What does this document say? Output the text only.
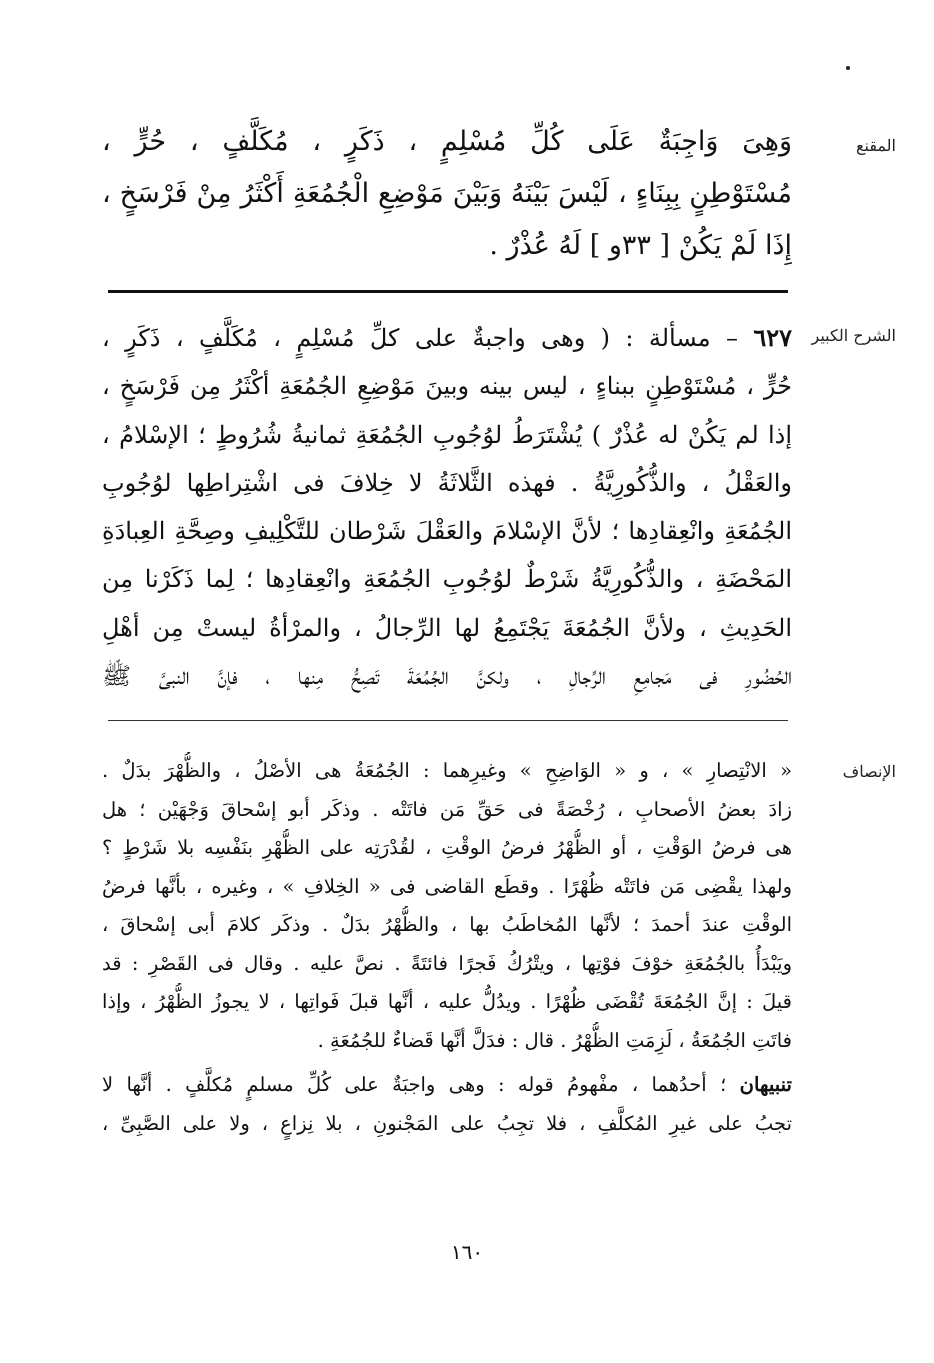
المقنع
وَهِىَ وَاجِبَةٌ عَلَى كُلِّ مُسْلِمٍ ، ذَكَرٍ ، مُكَلَّفٍ ، حُرٍّ ،
مُسْتَوْطِنٍ بِبِنَاءٍ ، لَيْسَ بَيْنَهُ وَبَيْنَ مَوْضِعِ الْجُمُعَةِ أَكْثَرُ مِنْ فَرْسَخٍ ،
إِذَا لَمْ يَكُنْ [ ٣٣و ] لَهُ عُذْرٌ .
الشرح الكبير
٦٢٧ – مسألة : ( وهى واجبةٌ على كلِّ مُسْلِمٍ ، مُكَلَّفٍ ، ذَكَرٍ ،
حُرٍّ ، مُسْتَوْطِنٍ ببناءٍ ، ليس بينه وبينَ مَوْضِعِ الجُمُعَةِ أكْثَرُ مِن فَرْسَخٍ ،
إذا لم يَكُنْ له عُذْرٌ ) يُشْتَرَطُ لوُجُوبِ الجُمُعَةِ ثمانيةُ شُرُوطٍ ؛ الإسْلامُ ،
والعَقْلُ ، والذُّكُورِيَّةُ . فهذه الثَّلاثَةُ لا خِلافَ فى اشْتِراطِها لوُجُوبِ
الجُمُعَةِ وانْعِقادِها ؛ لأنَّ الإسْلامَ والعَقْلَ شَرْطان للتَّكْلِيفِ وصِحَّةِ العِبادَةِ
المَحْضَةِ ، والذُّكُورِيَّةُ شَرْطٌ لوُجُوبِ الجُمُعَةِ وانْعِقادِها ؛ لِما ذَكَرْنا مِن
الحَدِيثِ ، ولأنَّ الجُمُعَةَ يَجْتَمِعُ لها الرِّجالُ ، والمرْأةُ ليستْ مِن أهْلِ
الحُضُورِ فى مَجامِعِ الرِّجالِ ، ولكنَّ الجُمُعَةَ تَصِحُّ مِنها ، فإنَّ النبىَّ ﷺ
الإنصاف
« الانْتِصارِ » ، و « الوَاضِحِ » وغيرِهما : الجُمُعَةُ هى الأصْلُ ، والظُّهْرَ بدَلٌ .
زادَ بعضُ الأصحابِ ، رُخْصَةً فى حَقِّ مَن فاتَتْه . وذكَر أبو إسْحاقَ وَجْهَيْن ؛ هل
هى فرضُ الوَقْتِ ، أو الظُّهْرُ فرضُ الوقْتِ ، لقُدْرَتِه على الظُّهْرِ بنَفْسِه بلا شَرْطٍ ؟
ولهذا يقْضِى مَن فاتَتْه ظُهْرًا . وقطَع القاضى فى « الخِلافِ » ، وغيره ، بأنَّها فرضُ
الوقْتِ عندَ أحمدَ ؛ لأنَّها المُخاطَبُ بها ، والظُّهْرُ بدَلٌ . وذكَر كلامَ أبى إسْحاقَ ،
ويَبْدَأُ بالجُمُعَةِ خوْفَ فوْتِها ، ويتْرُكُ فَجرًا فائتَةً . نصَّ عليه . وقال فى القَصْرِ : قد
قيلَ : إنَّ الجُمُعَةَ تُقْضَى ظُهْرًا . ويدُلُّ عليه ، أنَّها قبلَ فَواتِها ، لا يجوزُ الظُّهْرُ ، وإذا
فاتَتِ الجُمُعَةُ ، لَزِمَتِ الظُّهْرُ . قال : فدَلَّ أنَّها قَضاءٌ للجُمُعَةِ .
تنبيهان ؛ أحدُهما ، مفْهومُ قوله : وهى واجبَةٌ على كُلِّ مسلمٍ مُكلَّفٍ . أنَّها لا
تجبُ على غيرِ المُكلَّفِ ، فلا تجِبُ على المَجْنونِ ، بلا نِزاعٍ ، ولا على الصَّبِىِّ ،
١٦٠
